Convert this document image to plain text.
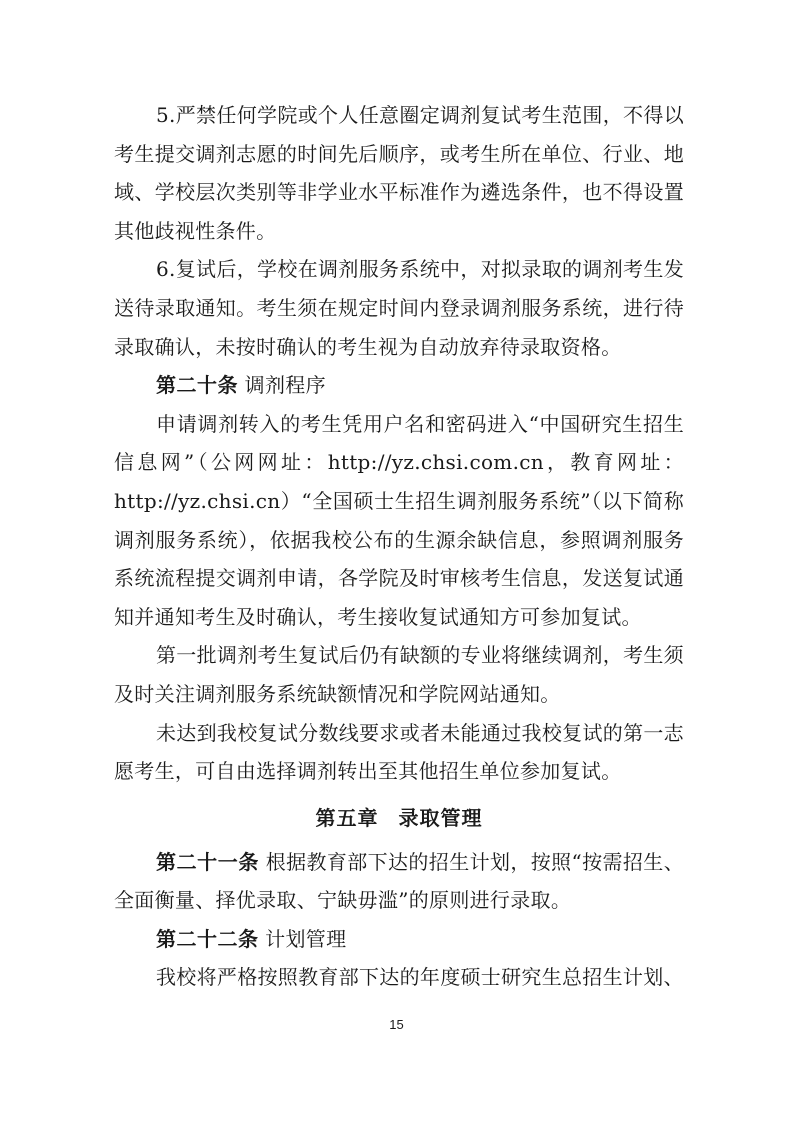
5.严禁任何学院或个人任意圈定调剂复试考生范围，不得以考生提交调剂志愿的时间先后顺序，或考生所在单位、行业、地域、学校层次类别等非学业水平标准作为遴选条件，也不得设置其他歧视性条件。

6.复试后，学校在调剂服务系统中，对拟录取的调剂考生发送待录取通知。考生须在规定时间内登录调剂服务系统，进行待录取确认，未按时确认的考生视为自动放弃待录取资格。

第二十条 调剂程序

申请调剂转入的考生凭用户名和密码进入“中国研究生招生信息网”（公网网址：http://yz.chsi.com.cn，教育网址：http://yz.chsi.cn）“全国硕士生招生调剂服务系统”（以下简称调剂服务系统），依据我校公布的生源余缺信息，参照调剂服务系统流程提交调剂申请，各学院及时审核考生信息，发送复试通知并通知考生及时确认，考生接收复试通知方可参加复试。

第一批调剂考生复试后仍有缺额的专业将继续调剂，考生须及时关注调剂服务系统缺额情况和学院网站通知。

未达到我校复试分数线要求或者未能通过我校复试的第一志愿考生，可自由选择调剂转出至其他招生单位参加复试。

第五章 录取管理

第二十一条 根据教育部下达的招生计划，按照“按需招生、全面衡量、择优录取、宁缺毋滥”的原则进行录取。

第二十二条 计划管理

我校将严格按照教育部下达的年度硕士研究生总招生计划、

15
